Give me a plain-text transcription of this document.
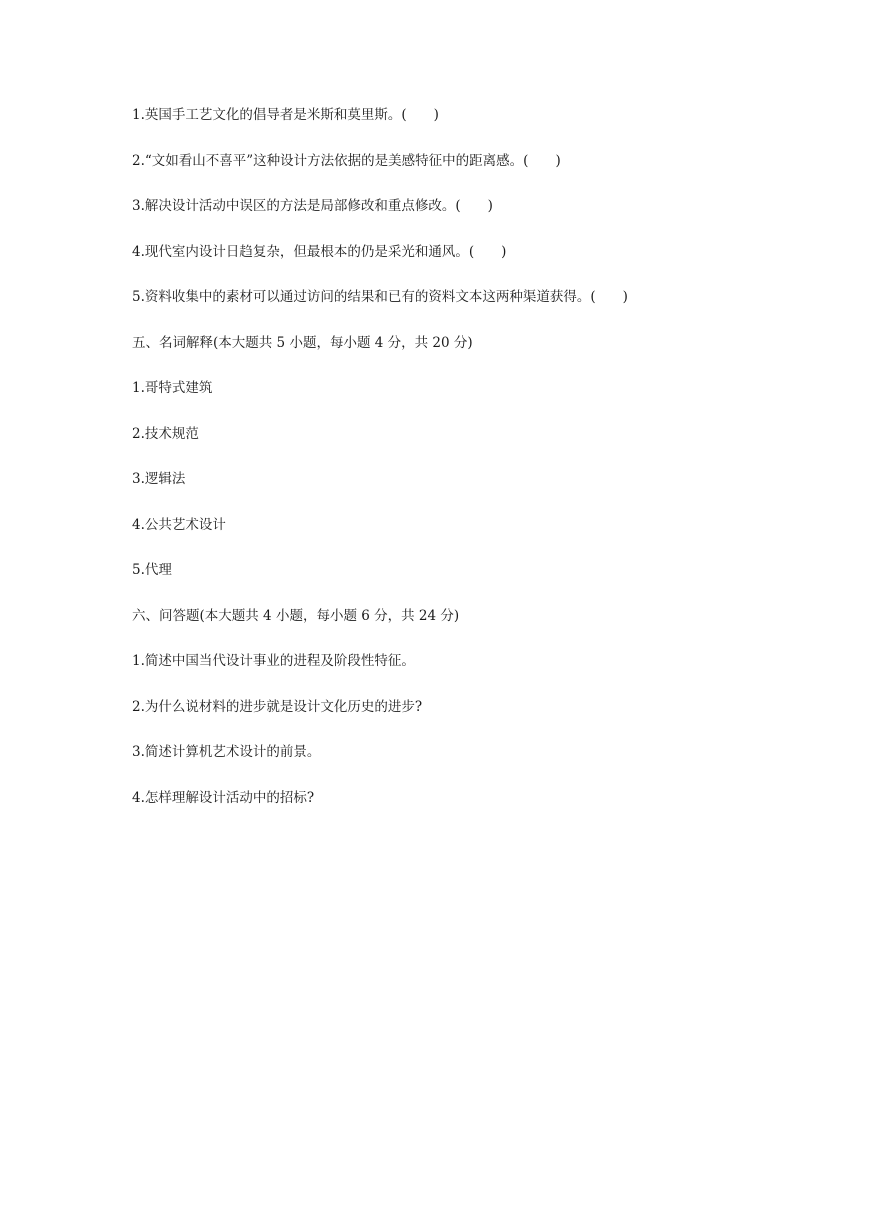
1.英国手工艺文化的倡导者是米斯和莫里斯。(　　)
2.“文如看山不喜平”这种设计方法依据的是美感特征中的距离感。(　　)
3.解决设计活动中误区的方法是局部修改和重点修改。(　　)
4.现代室内设计日趋复杂，但最根本的仍是采光和通风。(　　)
5.资料收集中的素材可以通过访问的结果和已有的资料文本这两种渠道获得。(　　)
五、名词解释(本大题共 5 小题，每小题 4 分，共 20 分)
1.哥特式建筑
2.技术规范
3.逻辑法
4.公共艺术设计
5.代理
六、问答题(本大题共 4 小题，每小题 6 分，共 24 分)
1.简述中国当代设计事业的进程及阶段性特征。
2.为什么说材料的进步就是设计文化历史的进步?
3.简述计算机艺术设计的前景。
4.怎样理解设计活动中的招标?
